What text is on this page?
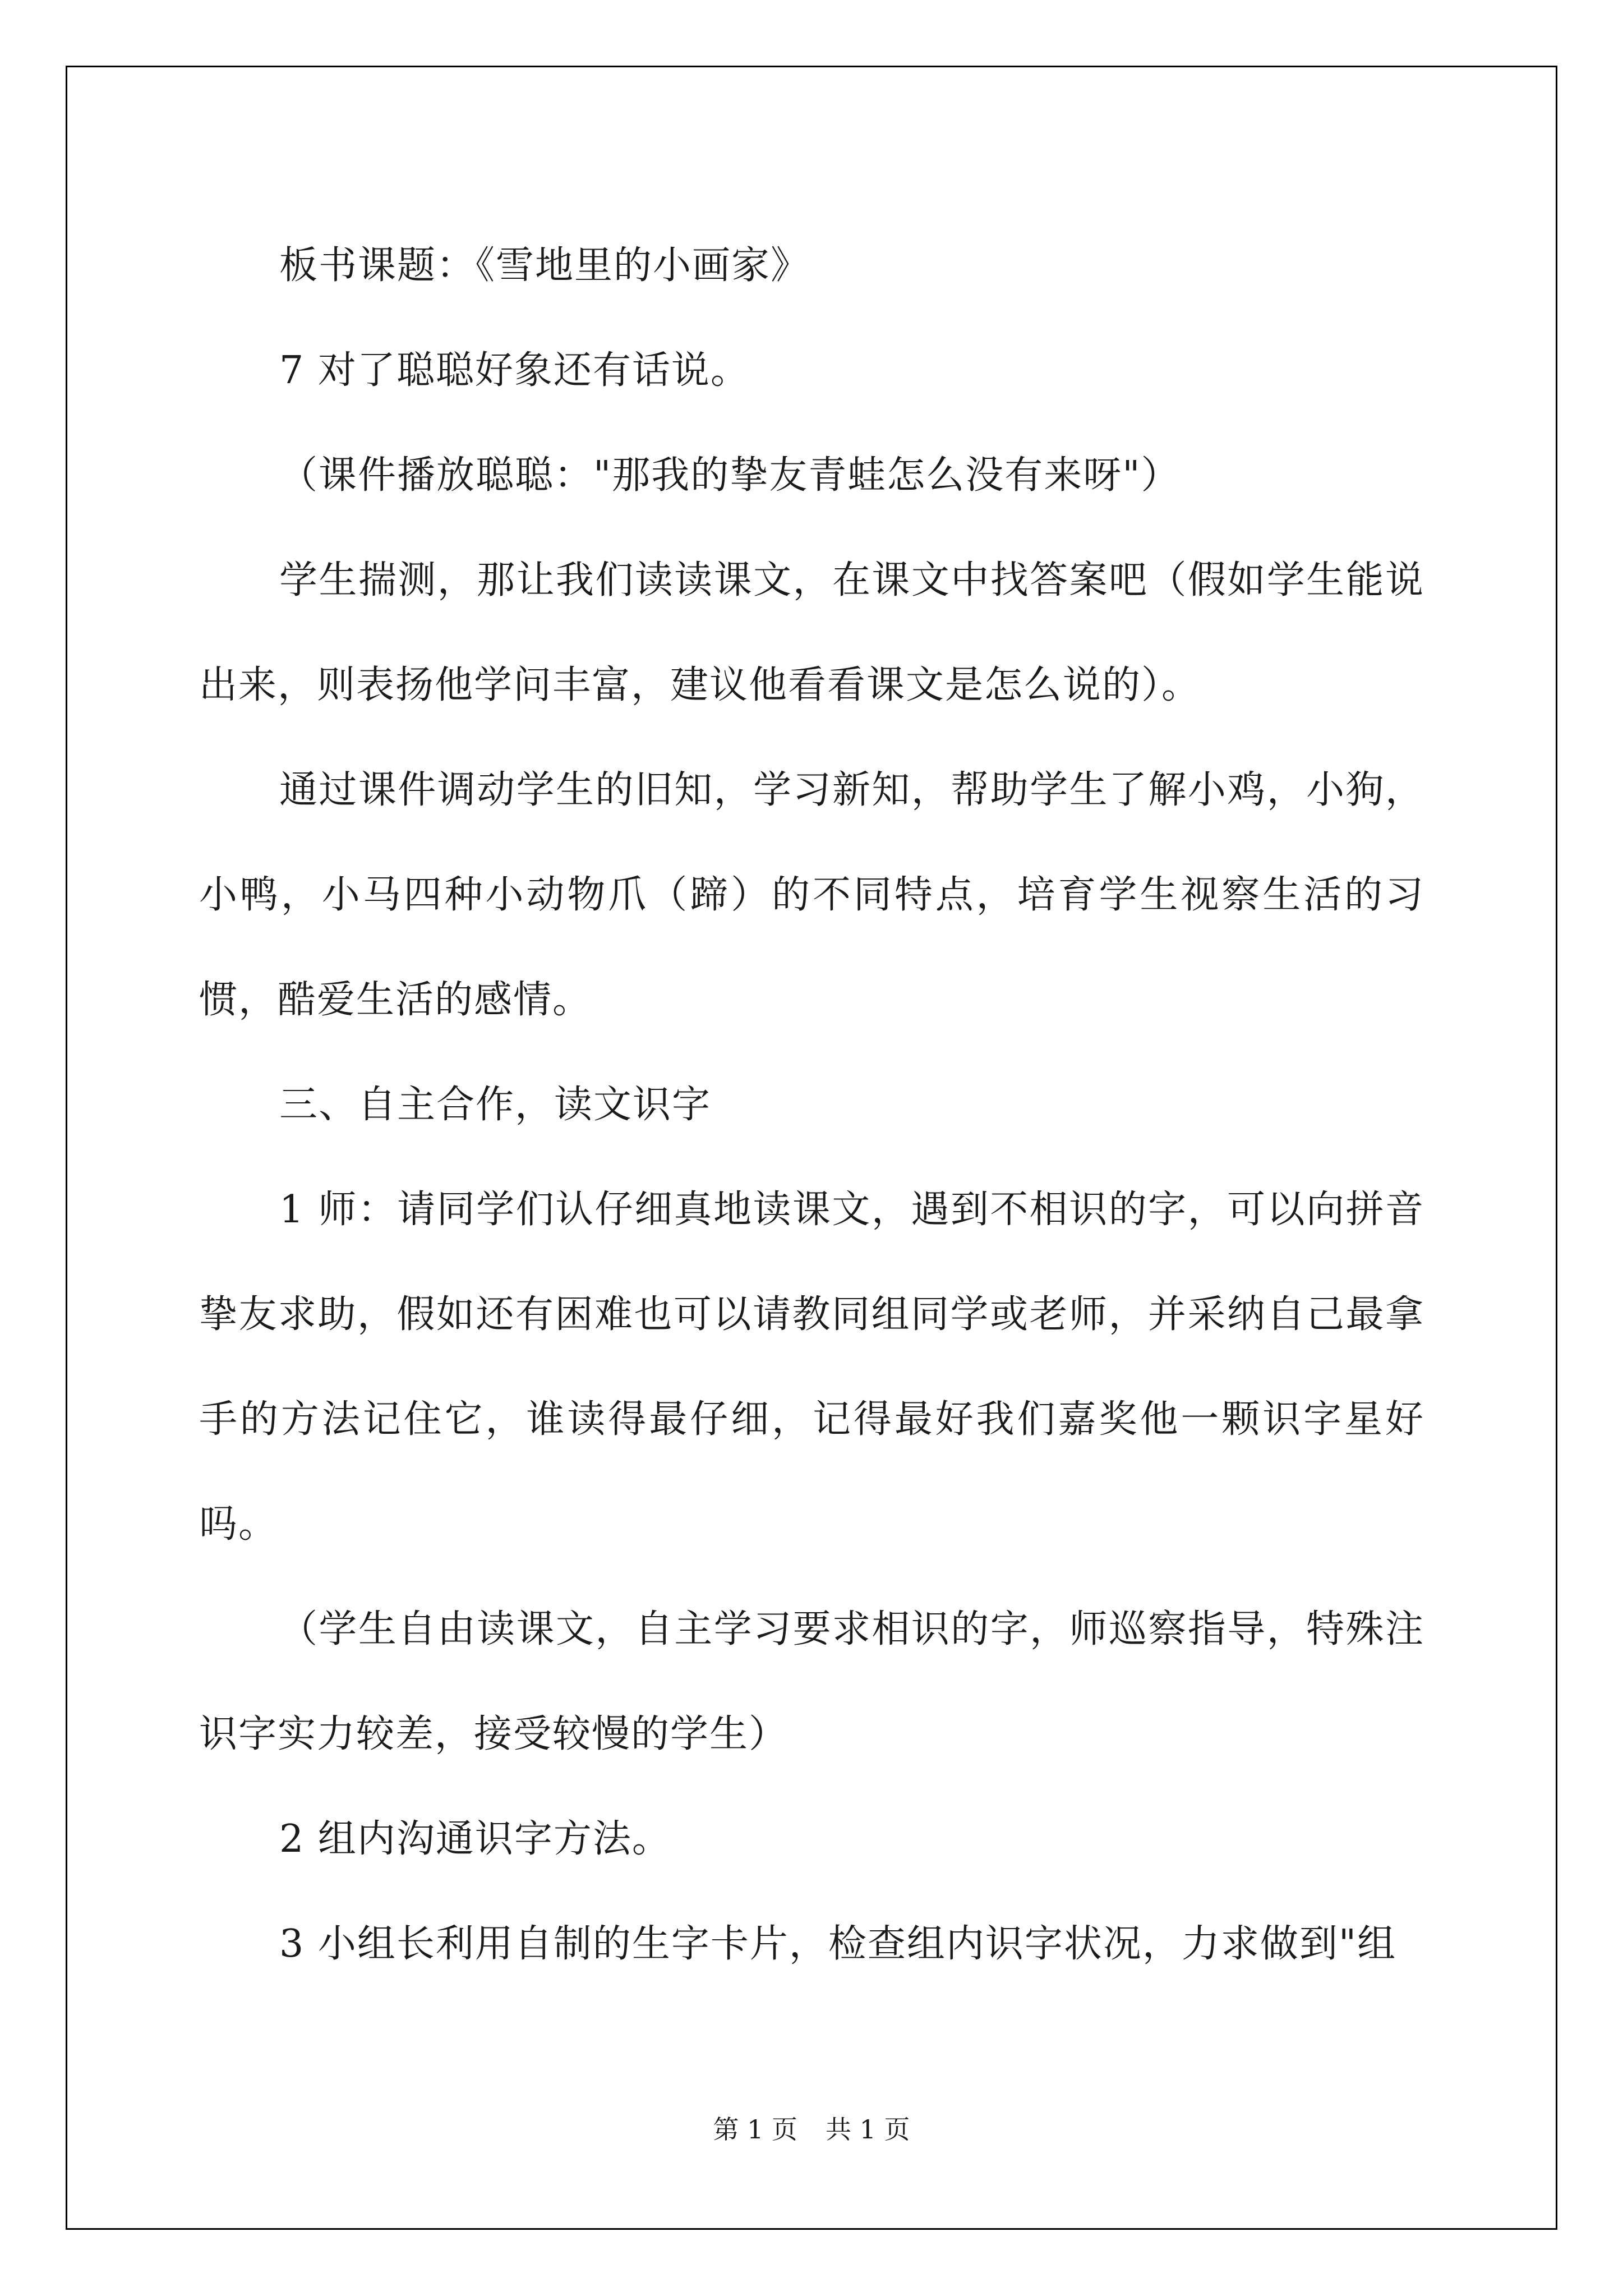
板书课题：《雪地里的小画家》

7 对了聪聪好象还有话说。

（课件播放聪聪："那我的挚友青蛙怎么没有来呀"）

学生揣测，那让我们读读课文，在课文中找答案吧（假如学生能说出来，则表扬他学问丰富，建议他看看课文是怎么说的）。

通过课件调动学生的旧知，学习新知，帮助学生了解小鸡，小狗，小鸭，小马四种小动物爪（蹄）的不同特点，培育学生视察生活的习惯，酷爱生活的感情。

三、自主合作，读文识字

1 师：请同学们认仔细真地读课文，遇到不相识的字，可以向拼音挚友求助，假如还有困难也可以请教同组同学或老师，并采纳自己最拿手的方法记住它，谁读得最仔细，记得最好我们嘉奖他一颗识字星好吗。

（学生自由读课文，自主学习要求相识的字，师巡察指导，特殊注识字实力较差，接受较慢的学生）

2 组内沟通识字方法。

3 小组长利用自制的生字卡片，检查组内识字状况，力求做到"组

第 1 页 共 1 页
